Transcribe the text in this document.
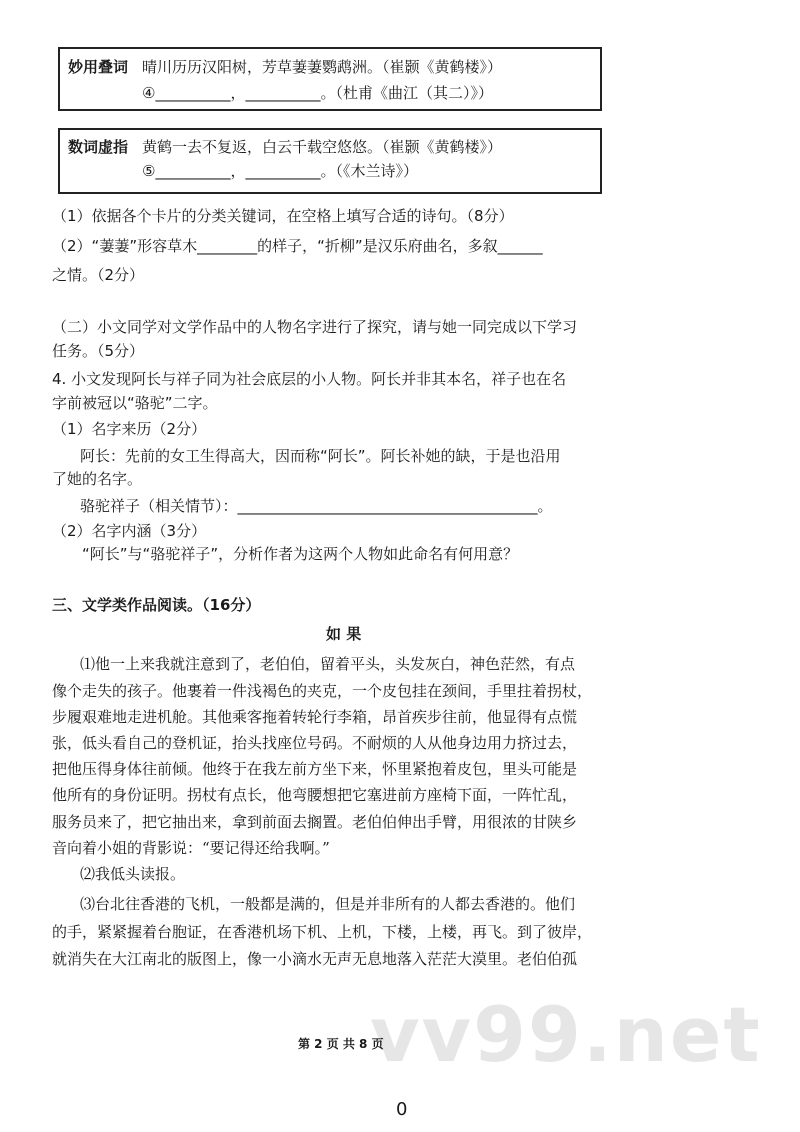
妙用叠词 晴川历历汉阳树，芳草萋萋鹦鹉洲。（崔颢《黄鹤楼》）
④__________，__________。（杜甫《曲江（其二）》）
数词虚指 黄鹤一去不复返，白云千载空悠悠。（崔颢《黄鹤楼》）
⑤__________，__________。（《木兰诗》）
（1）依据各个卡片的分类关键词，在空格上填写合适的诗句。（8分）
（2）“萋萋”形容草木________的样子，“折柳”是汉乐府曲名，多叙______
之情。（2分）
（二）小文同学对文学作品中的人物名字进行了探究，请与她一同完成以下学习
任务。（5分）
4. 小文发现阿长与祥子同为社会底层的小人物。阿长并非其本名，祥子也在名
字前被冠以“骆驼”二字。
（1）名字来历（2分）
阿长：先前的女工生得高大，因而称“阿长”。阿长补她的缺，于是也沿用
了她的名字。
骆驼祥子（相关情节）：________________________________________。
（2）名字内涵（3分）
“阿长”与“骆驼祥子”，分析作者为这两个人物如此命名有何用意？
三、文学类作品阅读。（16分）
如 果
⑴他一上来我就注意到了，老伯伯，留着平头，头发灰白，神色茫然，有点
像个走失的孩子。他裹着一件浅褐色的夹克，一个皮包挂在颈间，手里拄着拐杖，
步履艰难地走进机舱。其他乘客拖着转轮行李箱，昂首疾步往前，他显得有点慌
张，低头看自己的登机证，抬头找座位号码。不耐烦的人从他身边用力挤过去，
把他压得身体往前倾。他终于在我左前方坐下来，怀里紧抱着皮包，里头可能是
他所有的身份证明。拐杖有点长，他弯腰想把它塞进前方座椅下面，一阵忙乱，
服务员来了，把它抽出来，拿到前面去搁置。老伯伯伸出手臂，用很浓的甘陕乡
音向着小姐的背影说：“要记得还给我啊。”
⑵我低头读报。
⑶台北往香港的飞机，一般都是满的，但是并非所有的人都去香港的。他们
的手，紧紧握着台胞证，在香港机场下机、上机，下楼，上楼，再飞。到了彼岸，
就消失在大江南北的版图上，像一小滴水无声无息地落入茫茫大漠里。老伯伯孤
vv99.net
第 2 页 共 8 页
0
